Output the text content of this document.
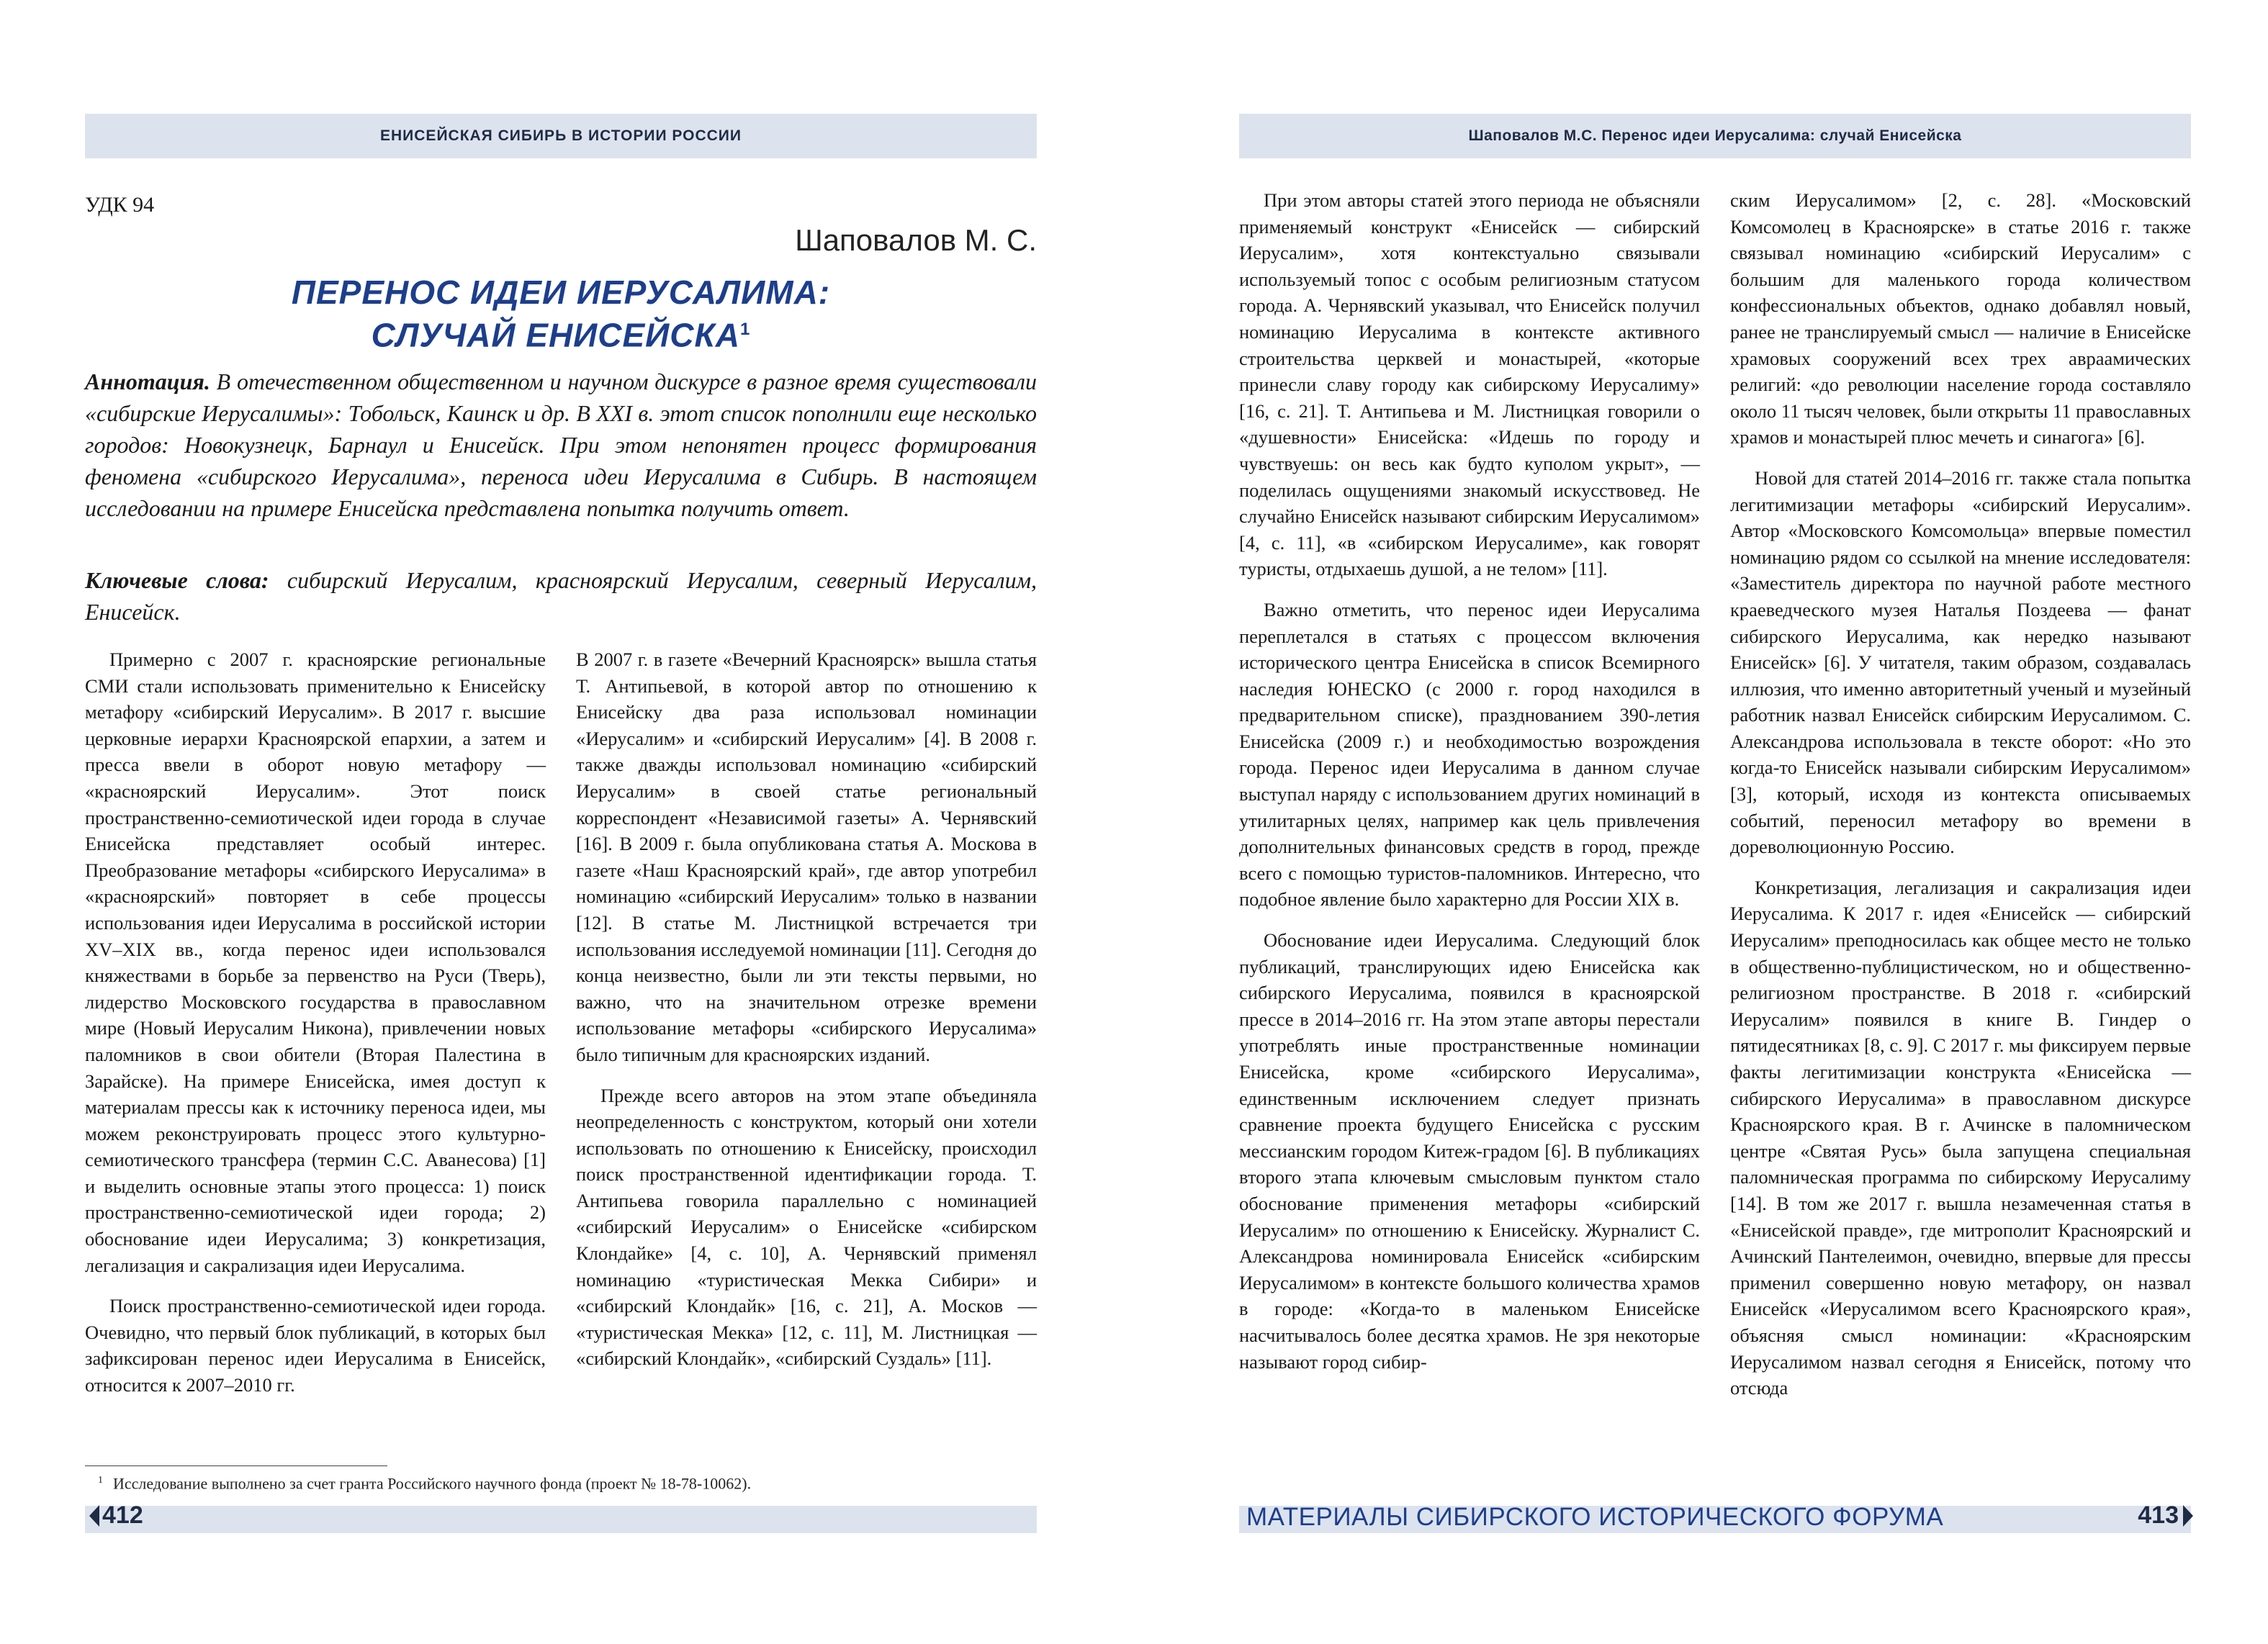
ЕНИСЕЙСКАЯ СИБИРЬ В ИСТОРИИ РОССИИ
УДК 94
Шаповалов М. С.
ПЕРЕНОС ИДЕИ ИЕРУСАЛИМА:
СЛУЧАЙ ЕНИСЕЙСКА$^1$

Аннотация. В отечественном общественном и научном дискурсе в разное время существовали «сибирские Иерусалимы»: Тобольск, Каинск и др. В XXI в. этот список пополнили еще несколько городов: Новокузнецк, Барнаул и Енисейск. При этом непонятен процесс формирования феномена «сибирского Иерусалима», переноса идеи Иерусалима в Сибирь. В настоящем исследовании на примере Енисейска представлена попытка получить ответ.

Ключевые слова: сибирский Иерусалим, красноярский Иерусалим, северный Иерусалим, Енисейск.

Примерно с 2007 г. красноярские региональные СМИ стали использовать применительно к Енисейску метафору «сибирский Иерусалим». В 2017 г. высшие церковные иерархи Красноярской епархии, а затем и пресса ввели в оборот новую метафору — «красноярский Иерусалим». Этот поиск пространственно-семиотической идеи города в случае Енисейска представляет особый интерес. Преобразование метафоры «сибирского Иерусалима» в «красноярский» повторяет в себе процессы использования идеи Иерусалима в российской истории XV–XIX вв., когда перенос идеи использовался княжествами в борьбе за первенство на Руси (Тверь), лидерство Московского государства в православном мире (Новый Иерусалим Никона), привлечении новых паломников в свои обители (Вторая Палестина в Зарайске). На примере Енисейска, имея доступ к материалам прессы как к источнику переноса идеи, мы можем реконструировать процесс этого культурно-семиотического трансфера (термин С.С. Аванесова) [1] и выделить основные этапы этого процесса: 1) поиск пространственно-семиотической идеи города; 2) обоснование идеи Иерусалима; 3) конкретизация, легализация и сакрализация идеи Иерусалима.

Поиск пространственно-семиотической идеи города. Очевидно, что первый блок публикаций, в которых был зафиксирован перенос идеи Иерусалима в Енисейск, относится к 2007–2010 гг.

В 2007 г. в газете «Вечерний Красноярск» вышла статья Т. Антипьевой, в которой автор по отношению к Енисейску два раза использовал номинации «Иерусалим» и «сибирский Иерусалим» [4]. В 2008 г. также дважды использовал номинацию «сибирский Иерусалим» в своей статье региональный корреспондент «Независимой газеты» А. Чернявский [16]. В 2009 г. была опубликована статья А. Москова в газете «Наш Красноярский край», где автор употребил номинацию «сибирский Иерусалим» только в названии [12]. В статье М. Листницкой встречается три использования исследуемой номинации [11]. Сегодня до конца неизвестно, были ли эти тексты первыми, но важно, что на значительном отрезке времени использование метафоры «сибирского Иерусалима» было типичным для красноярских изданий.

Прежде всего авторов на этом этапе объединяла неопределенность с конструктом, который они хотели использовать по отношению к Енисейску, происходил поиск пространственной идентификации города. Т. Антипьева говорила параллельно с номинацией «сибирский Иерусалим» о Енисейске «сибирском Клондайке» [4, с. 10], А. Чернявский применял номинацию «туристическая Мекка Сибири» и «сибирский Клондайк» [16, с. 21], А. Москов — «туристическая Мекка» [12, с. 11], М. Листницкая — «сибирский Клондайк», «сибирский Суздаль» [11].

$^1$ Исследование выполнено за счет гранта Российского научного фонда (проект № 18-78-10062).
412
Шаповалов М.С. Перенос идеи Иерусалима: случай Енисейска

При этом авторы статей этого периода не объясняли применяемый конструкт «Енисейск — сибирский Иерусалим», хотя контекстуально связывали используемый топос с особым религиозным статусом города. А. Чернявский указывал, что Енисейск получил номинацию Иерусалима в контексте активного строительства церквей и монастырей, «которые принесли славу городу как сибирскому Иерусалиму» [16, с. 21]. Т. Антипьева и М. Листницкая говорили о «душевности» Енисейска: «Идешь по городу и чувствуешь: он весь как будто куполом укрыт», — поделилась ощущениями знакомый искусствовед. Не случайно Енисейск называют сибирским Иерусалимом» [4, с. 11], «в «сибирском Иерусалиме», как говорят туристы, отдыхаешь душой, а не телом» [11].

Важно отметить, что перенос идеи Иерусалима переплетался в статьях с процессом включения исторического центра Енисейска в список Всемирного наследия ЮНЕСКО (с 2000 г. город находился в предварительном списке), празднованием 390-летия Енисейска (2009 г.) и необходимостью возрождения города. Перенос идеи Иерусалима в данном случае выступал наряду с использованием других номинаций в утилитарных целях, например как цель привлечения дополнительных финансовых средств в город, прежде всего с помощью туристов-паломников. Интересно, что подобное явление было характерно для России XIX в.

Обоснование идеи Иерусалима. Следующий блок публикаций, транслирующих идею Енисейска как сибирского Иерусалима, появился в красноярской прессе в 2014–2016 гг. На этом этапе авторы перестали употреблять иные пространственные номинации Енисейска, кроме «сибирского Иерусалима», единственным исключением следует признать сравнение проекта будущего Енисейска с русским мессианским городом Китеж-градом [6]. В публикациях второго этапа ключевым смысловым пунктом стало обоснование применения метафоры «сибирский Иерусалим» по отношению к Енисейску. Журналист С. Александрова номинировала Енисейск «сибирским Иерусалимом» в контексте большого количества храмов в городе: «Когда-то в маленьком Енисейске насчитывалось более десятка храмов. Не зря некоторые называют город сибир-

ским Иерусалимом» [2, с. 28]. «Московский Комсомолец в Красноярске» в статье 2016 г. также связывал номинацию «сибирский Иерусалим» с большим для маленького города количеством конфессиональных объектов, однако добавлял новый, ранее не транслируемый смысл — наличие в Енисейске храмовых сооружений всех трех авраамических религий: «до революции население города составляло около 11 тысяч человек, были открыты 11 православных храмов и монастырей плюс мечеть и синагога» [6].

Новой для статей 2014–2016 гг. также стала попытка легитимизации метафоры «сибирский Иерусалим». Автор «Московского Комсомольца» впервые поместил номинацию рядом со ссылкой на мнение исследователя: «Заместитель директора по научной работе местного краеведческого музея Наталья Поздеева — фанат сибирского Иерусалима, как нередко называют Енисейск» [6]. У читателя, таким образом, создавалась иллюзия, что именно авторитетный ученый и музейный работник назвал Енисейск сибирским Иерусалимом. С. Александрова использовала в тексте оборот: «Но это когда-то Енисейск называли сибирским Иерусалимом» [3], который, исходя из контекста описываемых событий, переносил метафору во времени в дореволюционную Россию.

Конкретизация, легализация и сакрализация идеи Иерусалима. К 2017 г. идея «Енисейск — сибирский Иерусалим» преподносилась как общее место не только в общественно-публицистическом, но и общественно-религиозном пространстве. В 2018 г. «сибирский Иерусалим» появился в книге В. Гиндер о пятидесятниках [8, с. 9]. С 2017 г. мы фиксируем первые факты легитимизации конструкта «Енисейска — сибирского Иерусалима» в православном дискурсе Красноярского края. В г. Ачинске в паломническом центре «Святая Русь» была запущена специальная паломническая программа по сибирскому Иерусалиму [14]. В том же 2017 г. вышла незамеченная статья в «Енисейской правде», где митрополит Красноярский и Ачинский Пантелеимон, очевидно, впервые для прессы применил совершенно новую метафору, он назвал Енисейск «Иерусалимом всего Красноярского края», объясняя смысл номинации: «Красноярским Иерусалимом назвал сегодня я Енисейск, потому что отсюда

МАТЕРИАЛЫ СИБИРСКОГО ИСТОРИЧЕСКОГО ФОРУМА	413
